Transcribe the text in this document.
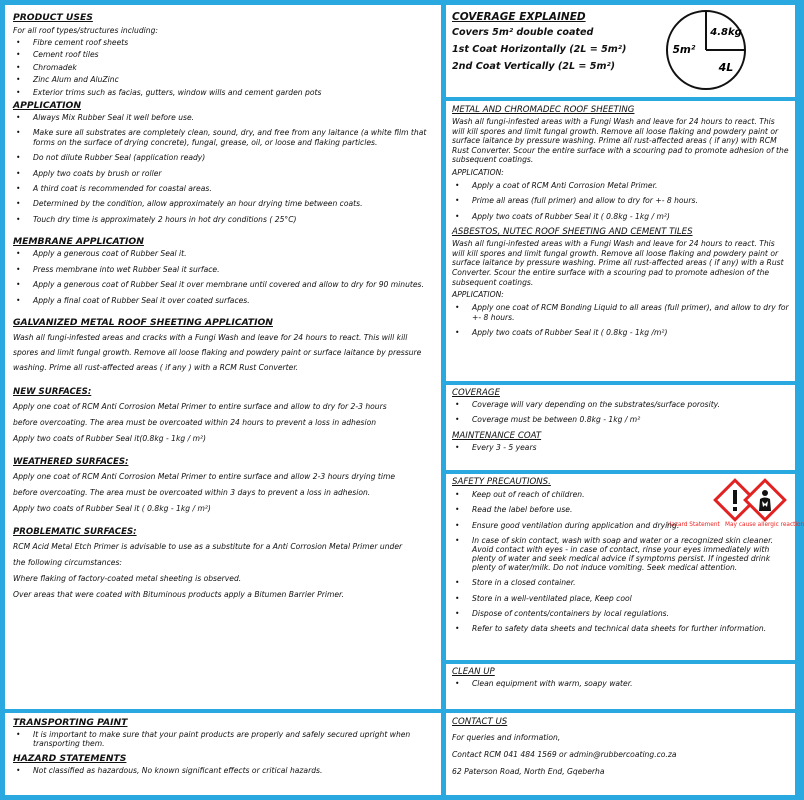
PRODUCT USES

For all roof types/structures including:

• Fibre cement roof sheets
• Cement roof tiles
• Chromadek
• Zinc Alum and AluZinc
• Exterior trims such as facias, gutters, window wills and cement garden pots
APPLICATION
• Always Mix Rubber Seal it well before use.
• Make sure all substrates are completely clean, sound, dry, and free from any laitance (a white film that forms on the surface of drying concrete), fungal, grease, oil, or loose and flaking particles.
• Do not dilute Rubber Seal (application ready)
• Apply two coats by brush or roller
• A third coat is recommended for coastal areas.
• Determined by the condition, allow approximately an hour drying time between coats.
• Touch dry time is approximately 2 hours in hot dry conditions ( 25°C)
MEMBRANE APPLICATION
• Apply a generous coat of Rubber Seal it.
• Press membrane into wet Rubber Seal it surface.
• Apply a generous coat of Rubber Seal it over membrane until covered and allow to dry for 90 minutes.
• Apply a final coat of Rubber Seal it over coated surfaces.
GALVANIZED METAL ROOF SHEETING APPLICATION

Wash all fungi-infested areas and cracks with a Fungi Wash and leave for 24 hours to react. This will kill spores and limit fungal growth. Remove all loose flaking and powdery paint or surface laitance by pressure washing. Prime all rust-affected areas ( if any ) with a RCM Rust Converter.

NEW SURFACES:

Apply one coat of RCM Anti Corrosion Metal Primer to entire surface and allow to dry for 2-3 hours

before overcoating. The area must be overcoated within 24 hours to prevent a loss in adhesion

Apply two coats of Rubber Seal it(0.8kg - 1kg / m²)

WEATHERED SURFACES:

Apply one coat of RCM Anti Corrosion Metal Primer to entire surface and allow 2-3 hours drying time

before overcoating. The area must be overcoated within 3 days to prevent a loss in adhesion.

Apply two coats of Rubber Seal it ( 0.8kg - 1kg / m²)

PROBLEMATIC SURFACES:

RCM Acid Metal Etch Primer is advisable to use as a substitute for a Anti Corrosion Metal Primer under

the following circumstances:

Where flaking of factory-coated metal sheeting is observed.

Over areas that were coated with Bituminous products apply a Bitumen Barrier Primer.

TRANSPORTING PAINT
• It is important to make sure that your paint products are properly and safely secured upright when transporting them.
HAZARD STATEMENTS
• Not classified as hazardous, No known significant effects or critical hazards.
COVERAGE EXPLAINED
Covers 5m² double coated
1st Coat Horizontally (2L = 5m²)
2nd Coat Vertically (2L = 5m²)
5m²
4.8kg
4L
METAL AND CHROMADEC ROOF SHEETING

Wash all fungi-infested areas with a Fungi Wash and leave for 24 hours to react. This will kill spores and limit fungal growth. Remove all loose flaking and powdery paint or surface laitance by pressure washing. Prime all rust-affected areas ( if any) with RCM Rust Converter. Scour the entire surface with a scouring pad to promote adhesion of the subsequent coatings.

APPLICATION:

• Apply a coat of RCM Anti Corrosion Metal Primer.
• Prime all areas (full primer) and allow to dry for +- 8 hours.
• Apply two coats of Rubber Seal it ( 0.8kg - 1kg / m²)
ASBESTOS, NUTEC ROOF SHEETING AND CEMENT TILES

Wash all fungi-infested areas with a Fungi Wash and leave for 24 hours to react. This will kill spores and limit fungal growth. Remove all loose flaking and powdery paint or surface laitance by pressure washing. Prime all rust-affected areas ( if any) with a Rust Converter. Scour the entire surface with a scouring pad to promote adhesion of the subsequent coatings.

APPLICATION:

• Apply one coat of RCM Bonding Liquid to all areas (full primer), and allow to dry for +- 8 hours.
• Apply two coats of Rubber Seal it ( 0.8kg - 1kg /m²)
COVERAGE
• Coverage will vary depending on the substrates/surface porosity.
• Coverage must be between 0.8kg - 1kg / m²
MAINTENANCE COAT
• Every 3 - 5 years
SAFETY PRECAUTIONS.
Hazard Statement May cause allergic reaction
• Keep out of reach of children.
• Read the label before use.
• Ensure good ventilation during application and drying.
• In case of skin contact, wash with soap and water or a recognized skin cleaner. Avoid contact with eyes - in case of contact, rinse your eyes immediately with plenty of water and seek medical advice if symptoms persist. If ingested drink plenty of water/milk. Do not induce vomiting. Seek medical attention.
• Store in a closed container.
• Store in a well-ventilated place, Keep cool
• Dispose of contents/containers by local regulations.
• Refer to safety data sheets and technical data sheets for further information.
CLEAN UP
• Clean equipment with warm, soapy water.
CONTACT US

For queries and information,

Contact RCM 041 484 1569 or admin@rubbercoating.co.za

62 Paterson Road, North End, Gqeberha
